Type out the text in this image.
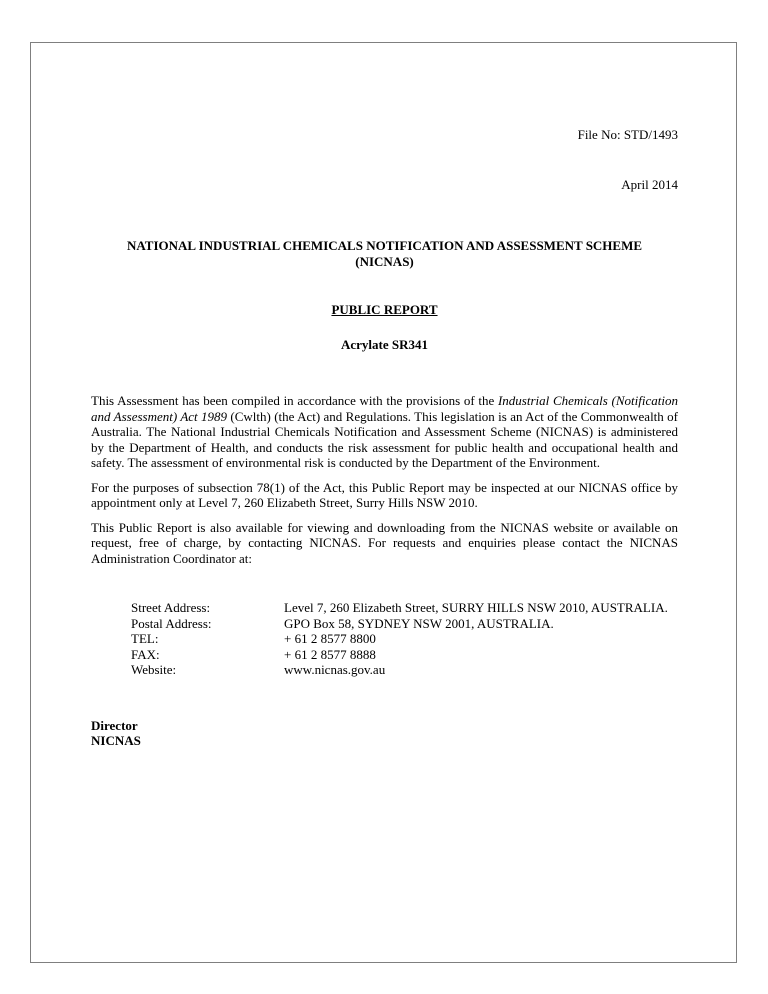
File No: STD/1493
April 2014
NATIONAL INDUSTRIAL CHEMICALS NOTIFICATION AND ASSESSMENT SCHEME
(NICNAS)
PUBLIC REPORT
Acrylate SR341
This Assessment has been compiled in accordance with the provisions of the Industrial Chemicals (Notification and Assessment) Act 1989 (Cwlth) (the Act) and Regulations. This legislation is an Act of the Commonwealth of Australia. The National Industrial Chemicals Notification and Assessment Scheme (NICNAS) is administered by the Department of Health, and conducts the risk assessment for public health and occupational health and safety. The assessment of environmental risk is conducted by the Department of the Environment.
For the purposes of subsection 78(1) of the Act, this Public Report may be inspected at our NICNAS office by appointment only at Level 7, 260 Elizabeth Street, Surry Hills NSW 2010.
This Public Report is also available for viewing and downloading from the NICNAS website or available on request, free of charge, by contacting NICNAS. For requests and enquiries please contact the NICNAS Administration Coordinator at:
Street Address:	Level 7, 260 Elizabeth Street, SURRY HILLS NSW 2010, AUSTRALIA.
Postal Address:	GPO Box 58, SYDNEY NSW 2001, AUSTRALIA.
TEL:	+ 61 2 8577 8800
FAX:	+ 61 2 8577 8888
Website:	www.nicnas.gov.au
Director
NICNAS
